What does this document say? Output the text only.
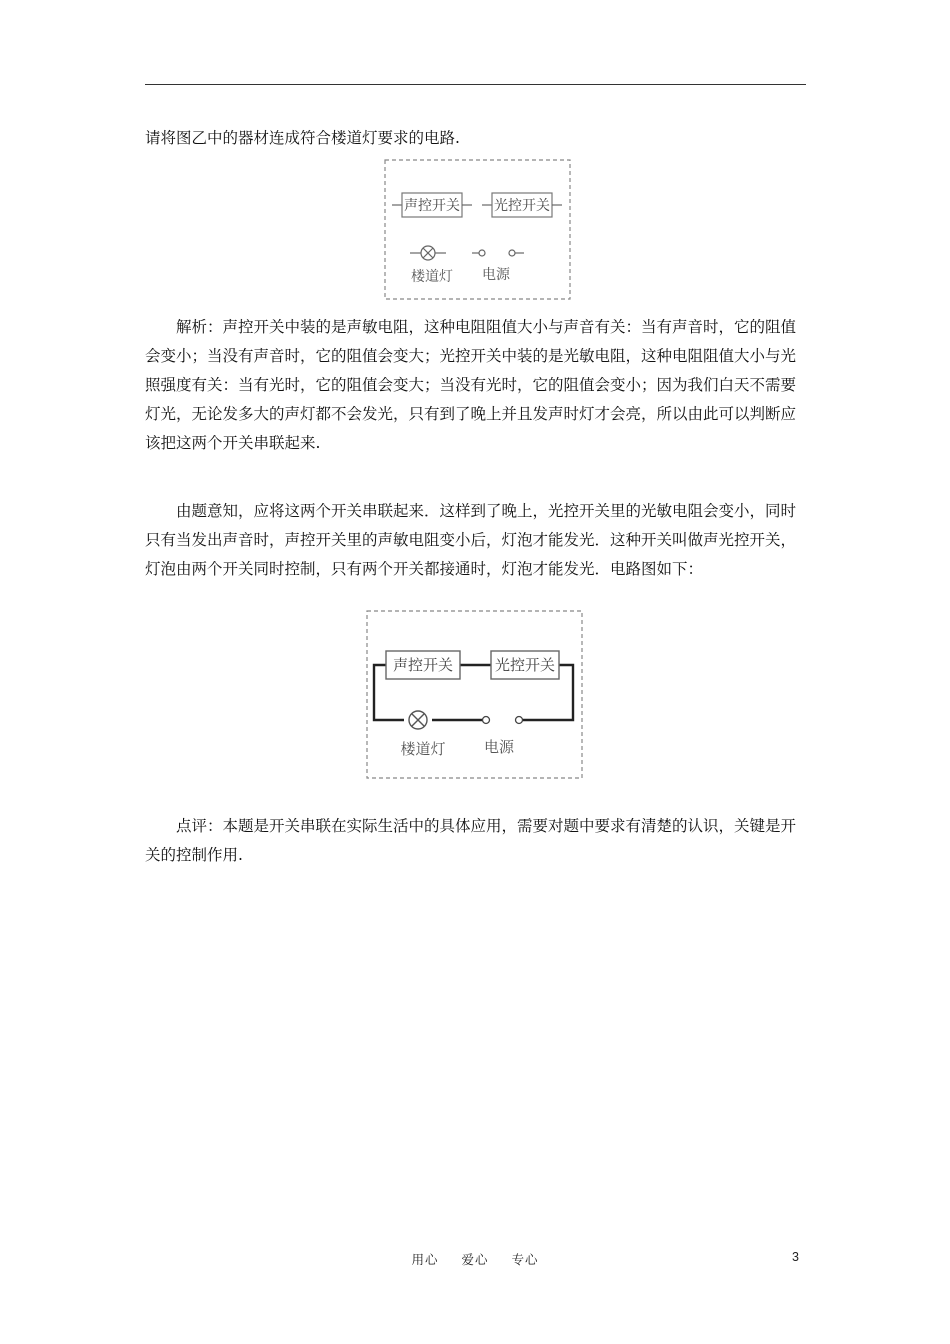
请将图乙中的器材连成符合楼道灯要求的电路.

声控开关 光控开关
楼道灯 电源

解析：声控开关中装的是声敏电阻，这种电阻阻值大小与声音有关：当有声音时，它的阻值会变小；当没有声音时，它的阻值会变大；光控开关中装的是光敏电阻，这种电阻阻值大小与光照强度有关：当有光时，它的阻值会变大；当没有光时，它的阻值会变小；因为我们白天不需要灯光，无论发多大的声灯都不会发光，只有到了晚上并且发声时灯才会亮，所以由此可以判断应该把这两个开关串联起来.

由题意知，应将这两个开关串联起来．这样到了晚上，光控开关里的光敏电阻会变小，同时只有当发出声音时，声控开关里的声敏电阻变小后，灯泡才能发光．这种开关叫做声光控开关，灯泡由两个开关同时控制，只有两个开关都接通时，灯泡才能发光．电路图如下：

声控开关	光控开关
楼道灯	电源

点评：本题是开关串联在实际生活中的具体应用，需要对题中要求有清楚的认识，关键是开关的控制作用.

用心 爱心 专心	3
